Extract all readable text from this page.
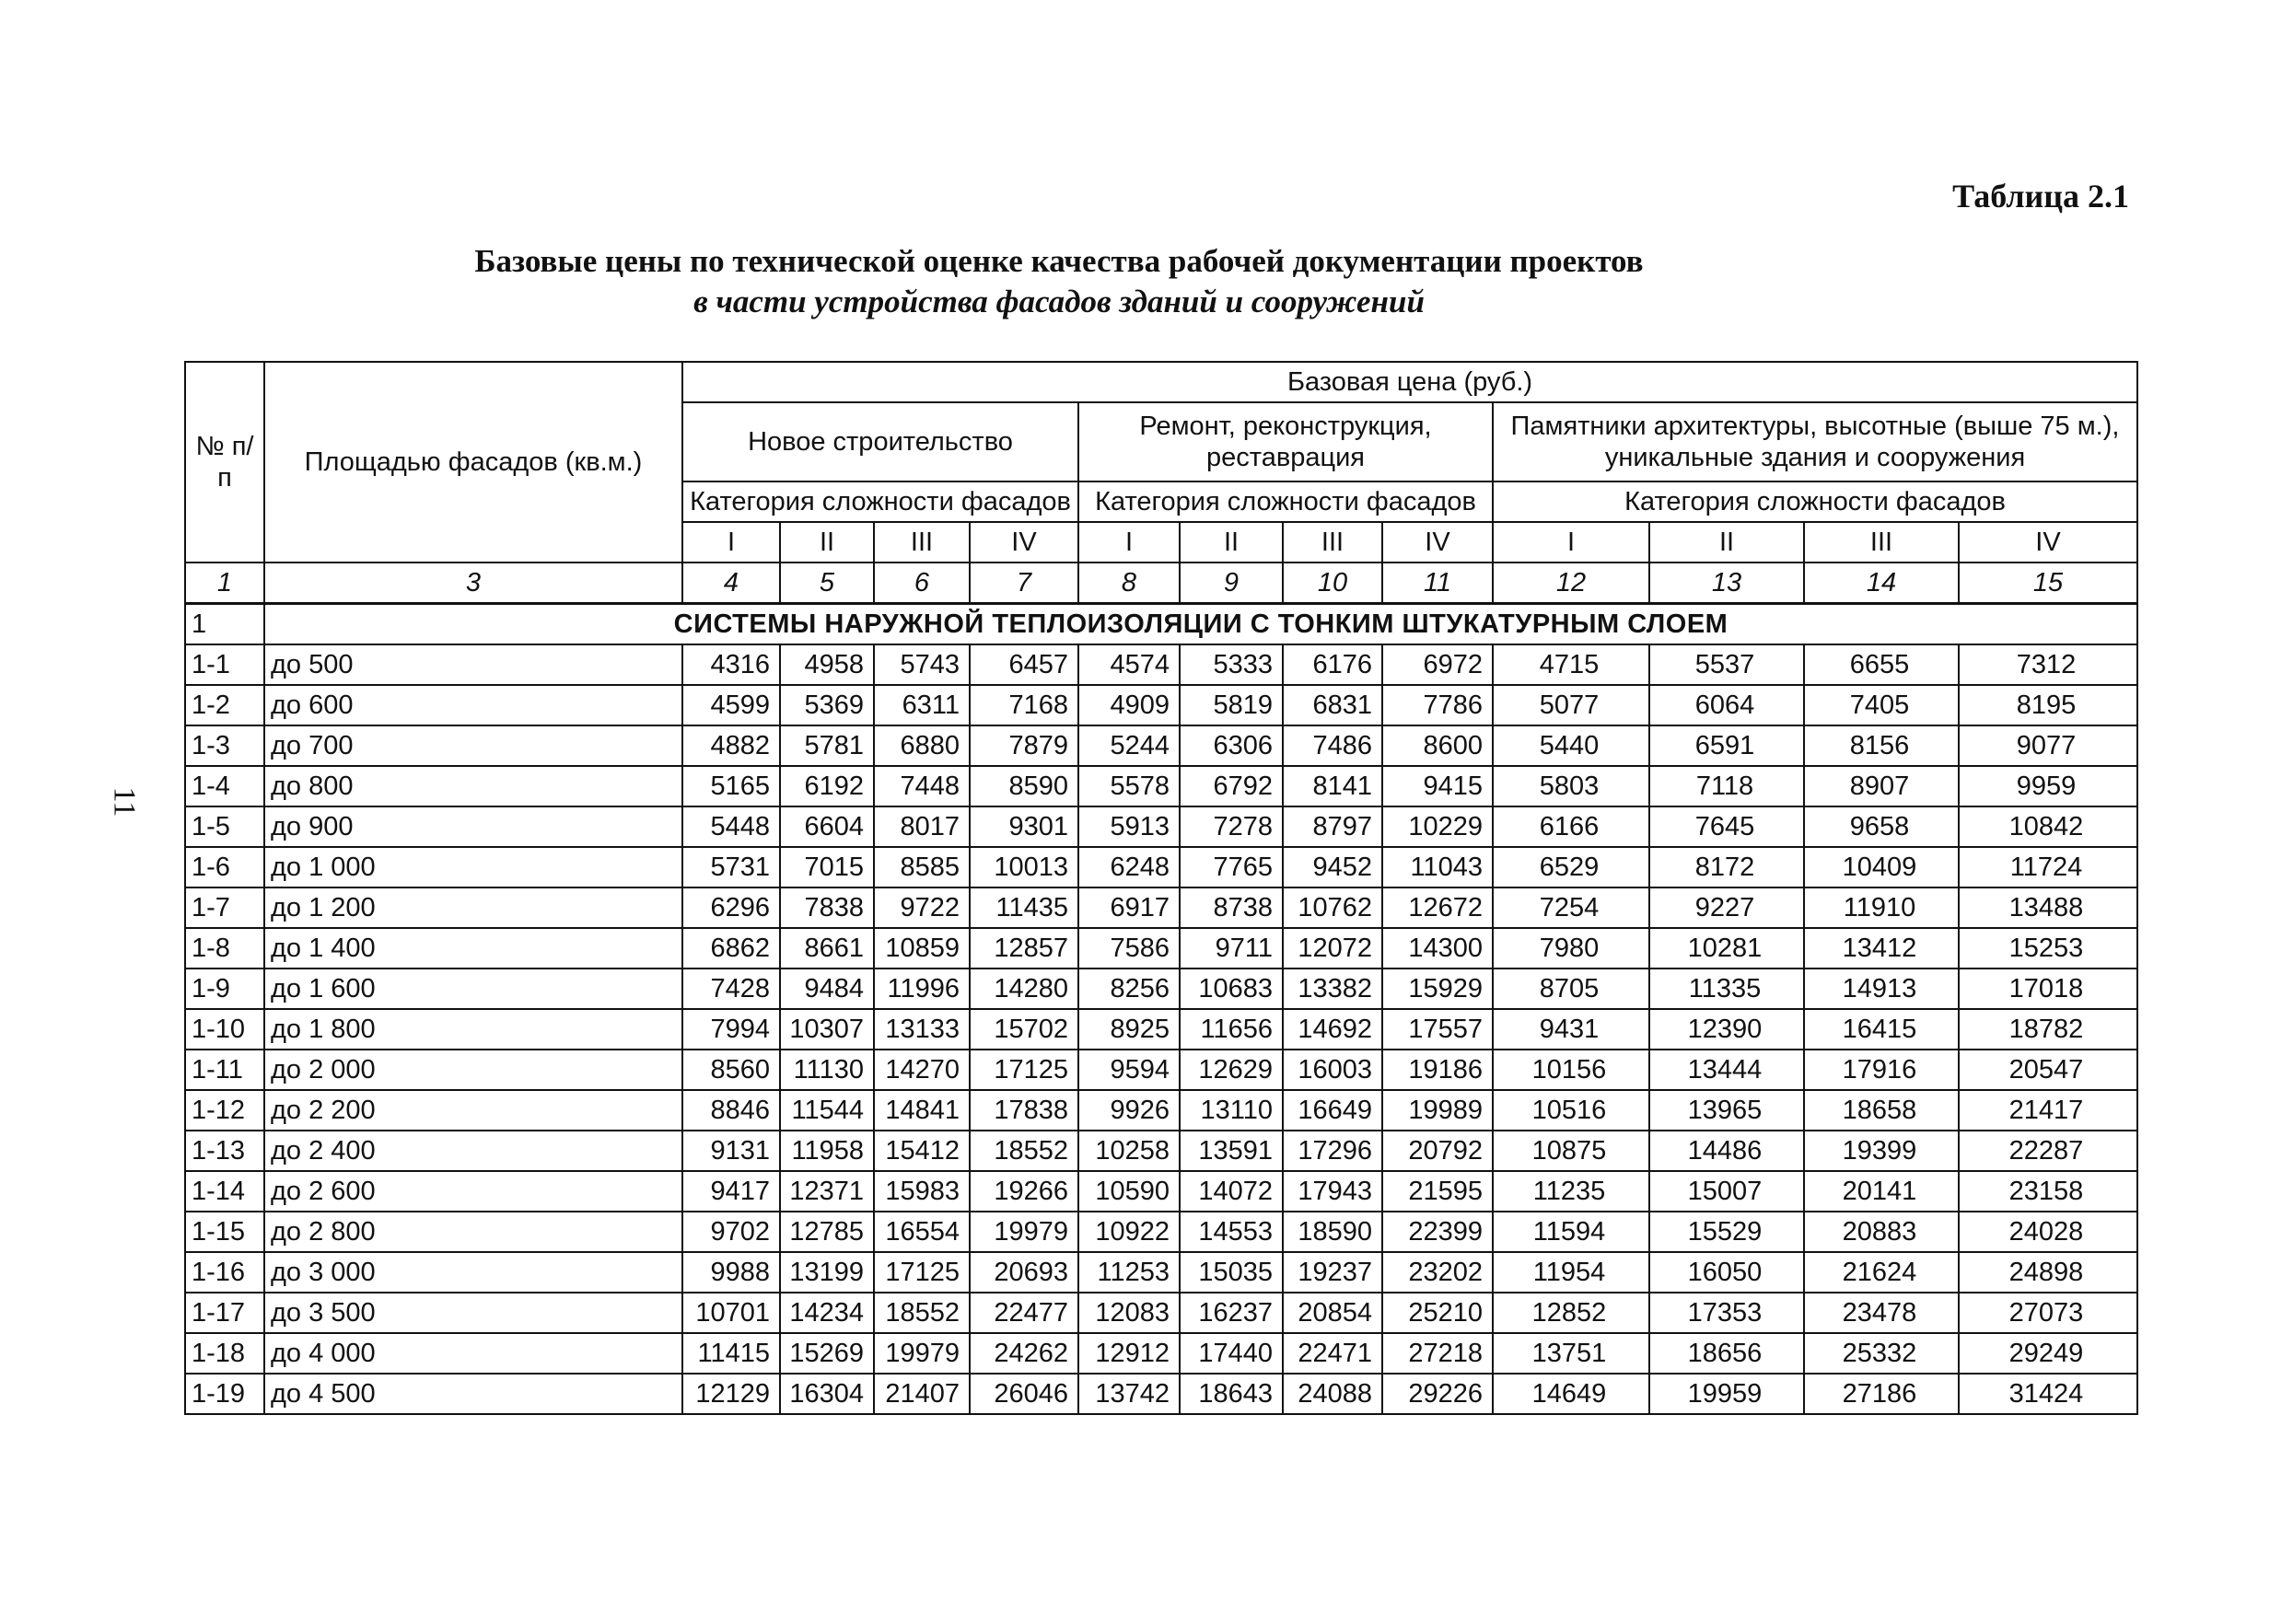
Таблица 2.1
11
Базовые цены по технической оценке качества рабочей документации проектов
в части устройства фасадов зданий и сооружений
№ п/п	Площадью фасадов (кв.м.)	Базовая цена (руб.)											
		Новое строительство				Ремонт, реконструкция, реставрация				Памятники архитектуры, высотные (выше 75 м.), уникальные здания и сооружения			
		Категория сложности фасадов				Категория сложности фасадов				Категория сложности фасадов			
		I	II	III	IV	I	II	III	IV	I	II	III	IV
1	3	4	5	6	7	8	9	10	11	12	13	14	15
1	СИСТЕМЫ НАРУЖНОЙ ТЕПЛОИЗОЛЯЦИИ С ТОНКИМ ШТУКАТУРНЫМ СЛОЕМ												
1-1	до 500	4316	4958	5743	6457	4574	5333	6176	6972	4715	5537	6655	7312
1-2	до 600	4599	5369	6311	7168	4909	5819	6831	7786	5077	6064	7405	8195
1-3	до 700	4882	5781	6880	7879	5244	6306	7486	8600	5440	6591	8156	9077
1-4	до 800	5165	6192	7448	8590	5578	6792	8141	9415	5803	7118	8907	9959
1-5	до 900	5448	6604	8017	9301	5913	7278	8797	10229	6166	7645	9658	10842
1-6	до 1 000	5731	7015	8585	10013	6248	7765	9452	11043	6529	8172	10409	11724
1-7	до 1 200	6296	7838	9722	11435	6917	8738	10762	12672	7254	9227	11910	13488
1-8	до 1 400	6862	8661	10859	12857	7586	9711	12072	14300	7980	10281	13412	15253
1-9	до 1 600	7428	9484	11996	14280	8256	10683	13382	15929	8705	11335	14913	17018
1-10	до 1 800	7994	10307	13133	15702	8925	11656	14692	17557	9431	12390	16415	18782
1-11	до 2 000	8560	11130	14270	17125	9594	12629	16003	19186	10156	13444	17916	20547
1-12	до 2 200	8846	11544	14841	17838	9926	13110	16649	19989	10516	13965	18658	21417
1-13	до 2 400	9131	11958	15412	18552	10258	13591	17296	20792	10875	14486	19399	22287
1-14	до 2 600	9417	12371	15983	19266	10590	14072	17943	21595	11235	15007	20141	23158
1-15	до 2 800	9702	12785	16554	19979	10922	14553	18590	22399	11594	15529	20883	24028
1-16	до 3 000	9988	13199	17125	20693	11253	15035	19237	23202	11954	16050	21624	24898
1-17	до 3 500	10701	14234	18552	22477	12083	16237	20854	25210	12852	17353	23478	27073
1-18	до 4 000	11415	15269	19979	24262	12912	17440	22471	27218	13751	18656	25332	29249
1-19	до 4 500	12129	16304	21407	26046	13742	18643	24088	29226	14649	19959	27186	31424
